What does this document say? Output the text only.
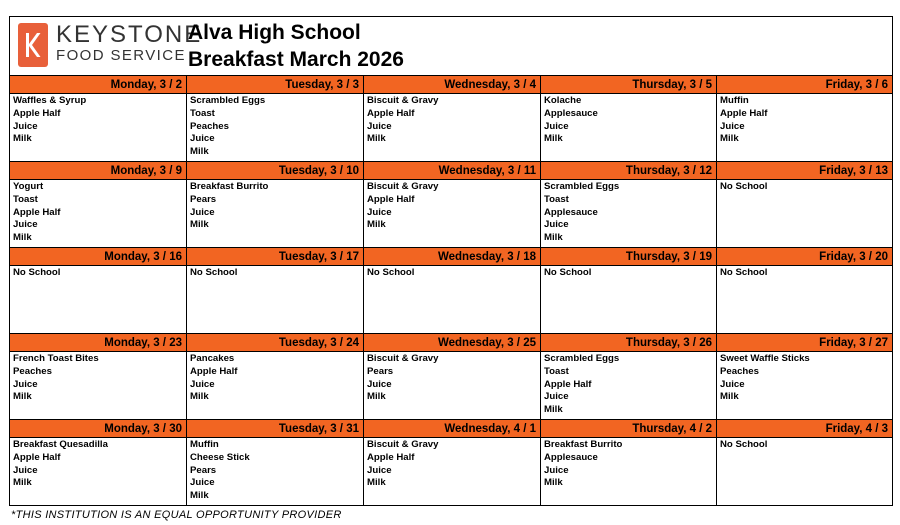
KEYSTONE
FOOD SERVICE
Alva High School
Breakfast March 2026
Monday, 3 / 2
Waffles & Syrup
Apple Half
Juice
Milk
Tuesday, 3 / 3
Scrambled Eggs
Toast
Peaches
Juice
Milk
Wednesday, 3 / 4
Biscuit & Gravy
Apple Half
Juice
Milk
Thursday, 3 / 5
Kolache
Applesauce
Juice
Milk
Friday, 3 / 6
Muffin
Apple Half
Juice
Milk
Monday, 3 / 9
Yogurt
Toast
Apple Half
Juice
Milk
Tuesday, 3 / 10
Breakfast Burrito
Pears
Juice
Milk
Wednesday, 3 / 11
Biscuit & Gravy
Apple Half
Juice
Milk
Thursday, 3 / 12
Scrambled Eggs
Toast
Applesauce
Juice
Milk
Friday, 3 / 13
No School
Monday, 3 / 16
No School
Tuesday, 3 / 17
No School
Wednesday, 3 / 18
No School
Thursday, 3 / 19
No School
Friday, 3 / 20
No School
Monday, 3 / 23
French Toast Bites
Peaches
Juice
Milk
Tuesday, 3 / 24
Pancakes
Apple Half
Juice
Milk
Wednesday, 3 / 25
Biscuit & Gravy
Pears
Juice
Milk
Thursday, 3 / 26
Scrambled Eggs
Toast
Apple Half
Juice
Milk
Friday, 3 / 27
Sweet Waffle Sticks
Peaches
Juice
Milk
Monday, 3 / 30
Breakfast Quesadilla
Apple Half
Juice
Milk
Tuesday, 3 / 31
Muffin
Cheese Stick
Pears
Juice
Milk
Wednesday, 4 / 1
Biscuit & Gravy
Apple Half
Juice
Milk
Thursday, 4 / 2
Breakfast Burrito
Applesauce
Juice
Milk
Friday, 4 / 3
No School
*THIS INSTITUTION IS AN EQUAL OPPORTUNITY PROVIDER
